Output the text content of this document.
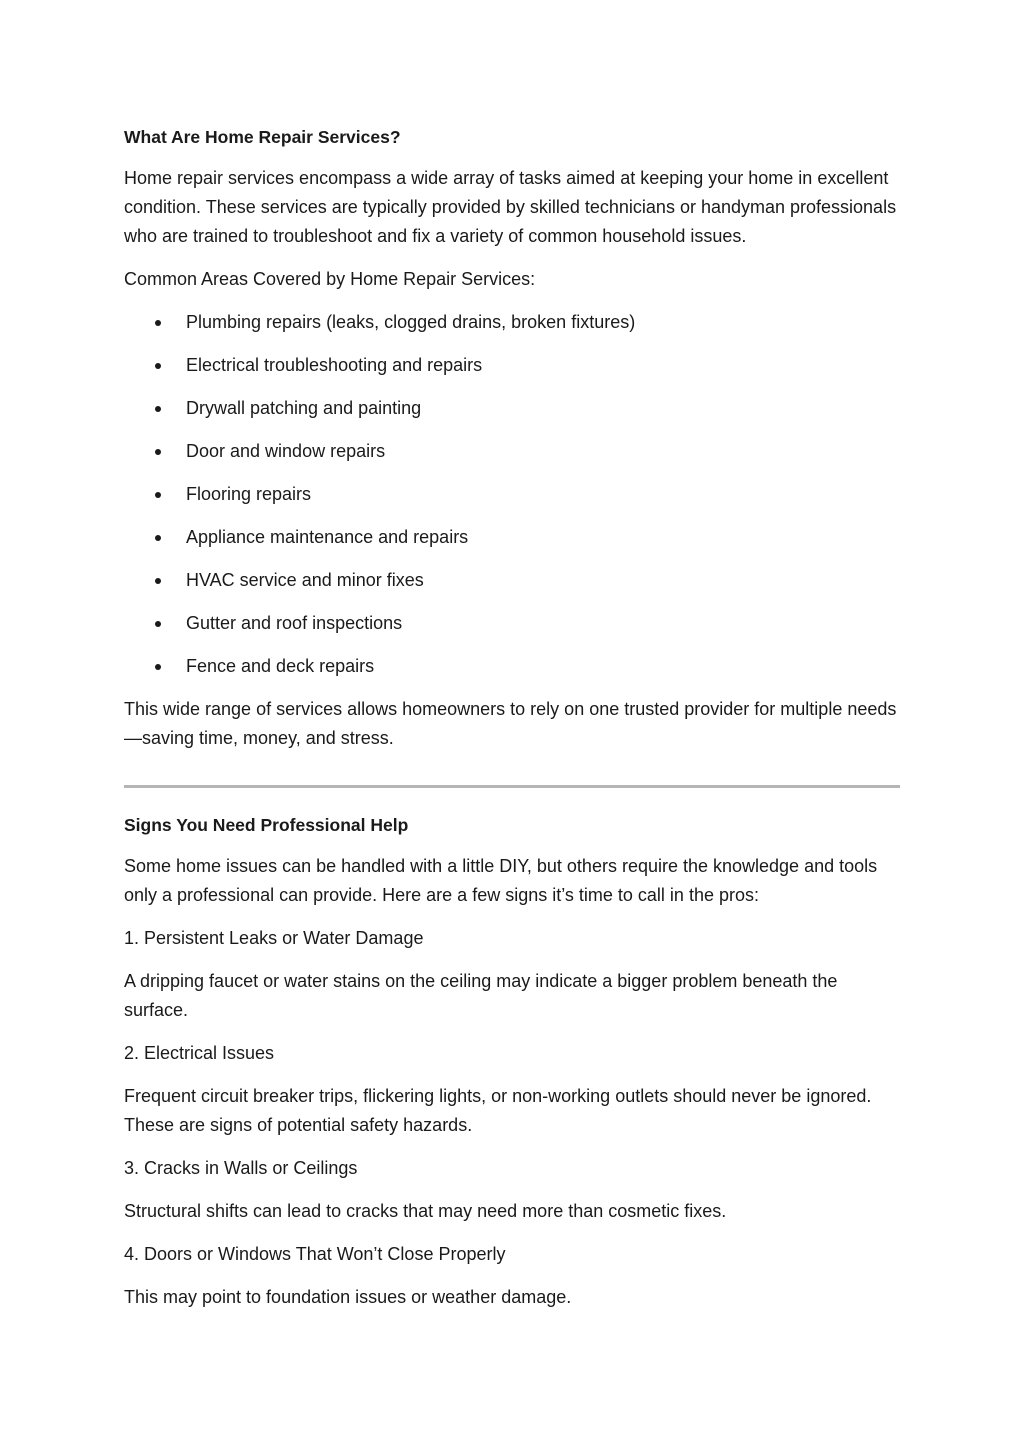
What Are Home Repair Services?

Home repair services encompass a wide array of tasks aimed at keeping your home in excellent condition. These services are typically provided by skilled technicians or handyman professionals who are trained to troubleshoot and fix a variety of common household issues.

Common Areas Covered by Home Repair Services:

Plumbing repairs (leaks, clogged drains, broken fixtures)
Electrical troubleshooting and repairs
Drywall patching and painting
Door and window repairs
Flooring repairs
Appliance maintenance and repairs
HVAC service and minor fixes
Gutter and roof inspections
Fence and deck repairs

This wide range of services allows homeowners to rely on one trusted provider for multiple needs—saving time, money, and stress.

Signs You Need Professional Help

Some home issues can be handled with a little DIY, but others require the knowledge and tools only a professional can provide. Here are a few signs it’s time to call in the pros:

1. Persistent Leaks or Water Damage

A dripping faucet or water stains on the ceiling may indicate a bigger problem beneath the surface.

2. Electrical Issues

Frequent circuit breaker trips, flickering lights, or non-working outlets should never be ignored. These are signs of potential safety hazards.

3. Cracks in Walls or Ceilings

Structural shifts can lead to cracks that may need more than cosmetic fixes.

4. Doors or Windows That Won’t Close Properly

This may point to foundation issues or weather damage.
